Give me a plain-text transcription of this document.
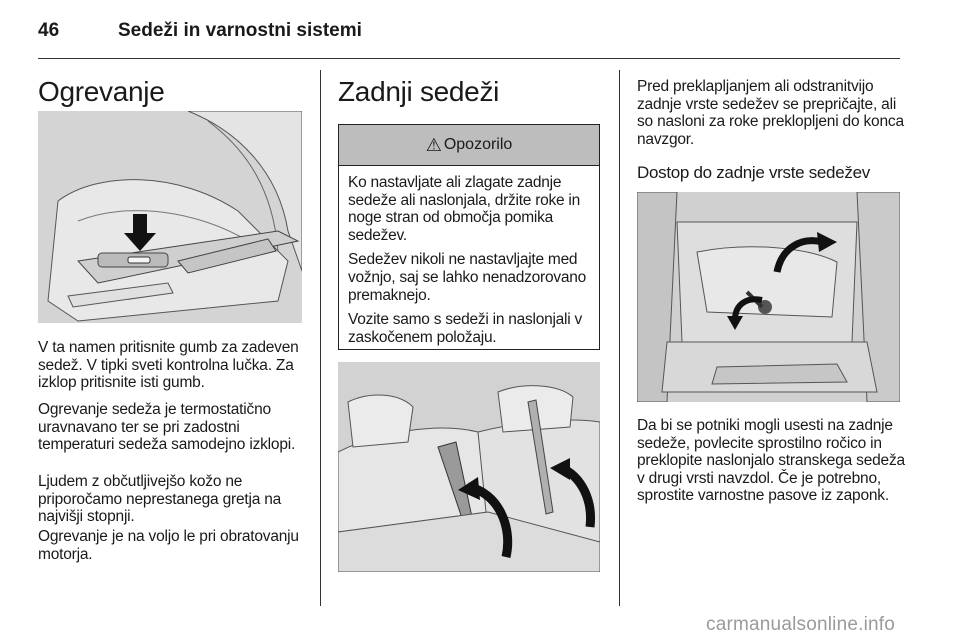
46	Sedeži in varnostni sistemi
Ogrevanje

V ta namen pritisnite gumb za zadeven sedež. V tipki sveti kontrolna lučka. Za izklop pritisnite isti gumb.

Ogrevanje sedeža je termostatično uravnavano ter se pri zadostni temperaturi sedeža samodejno izklopi.

Ljudem z občutljivejšo kožo ne priporočamo neprestanega gretja na najvišji stopnji.

Ogrevanje je na voljo le pri obratovanju motorja.

Zadnji sedeži
⚠ Opozorilo

Ko nastavljate ali zlagate zadnje sedeže ali naslonjala, držite roke in noge stran od območja pomika sedežev.

Sedežev nikoli ne nastavljajte med vožnjo, saj se lahko nenadzorovano premaknejo.

Vozite samo s sedeži in naslonjali v zaskočenem položaju.

Pred preklapljanjem ali odstranitvijo zadnje vrste sedežev se prepričajte, ali so nasloni za roke preklopljeni do konca navzgor.

Dostop do zadnje vrste sedežev

Da bi se potniki mogli usesti na zadnje sedeže, povlecite sprostilno ročico in preklopite naslonjalo stranskega sedeža v drugi vrsti navzdol. Če je potrebno, sprostite varnostne pasove iz zaponk.

carmanualsonline.info
